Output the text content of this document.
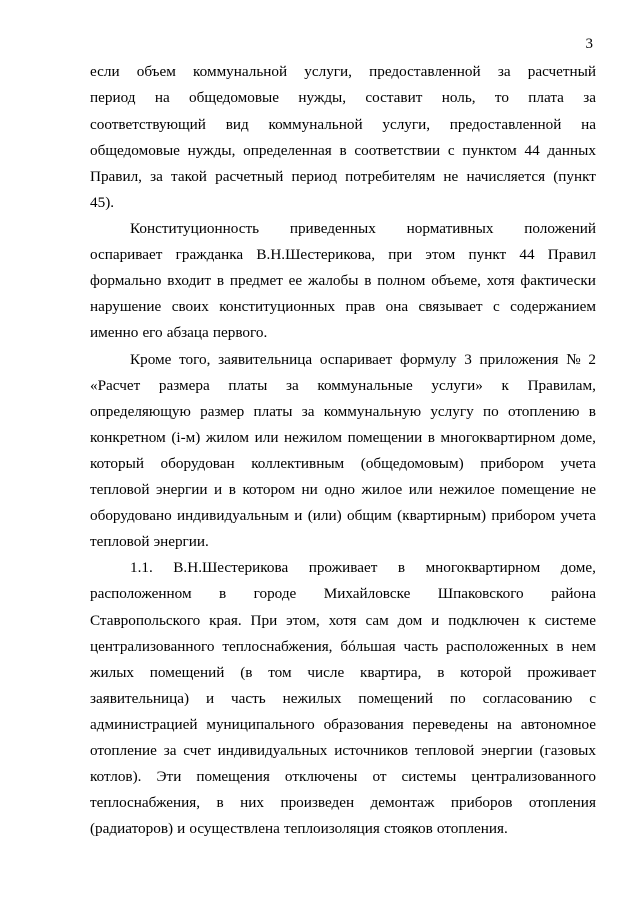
3
если объем коммунальной услуги, предоставленной за расчетный
период на общедомовые нужды, составит ноль, то плата за
соответствующий вид коммунальной услуги, предоставленной на
общедомовые нужды, определенная в соответствии с пунктом 44 данных
Правил, за такой расчетный период потребителям не начисляется (пункт
45).
Конституционность приведенных нормативных положений
оспаривает гражданка В.Н.Шестерикова, при этом пункт 44 Правил
формально входит в предмет ее жалобы в полном объеме, хотя фактически
нарушение своих конституционных прав она связывает с содержанием
именно его абзаца первого.
Кроме того, заявительница оспаривает формулу 3 приложения № 2
«Расчет размера платы за коммунальные услуги» к Правилам,
определяющую размер платы за коммунальную услугу по отоплению в
конкретном (i-м) жилом или нежилом помещении в многоквартирном доме,
который оборудован коллективным (общедомовым) прибором учета
тепловой энергии и в котором ни одно жилое или нежилое помещение не
оборудовано индивидуальным и (или) общим (квартирным) прибором учета
тепловой энергии.
1.1. В.Н.Шестерикова проживает в многоквартирном доме,
расположенном в городе Михайловске Шпаковского района
Ставропольского края. При этом, хотя сам дом и подключен к системе
централизованного теплоснабжения, бóльшая часть расположенных в нем
жилых помещений (в том числе квартира, в которой проживает
заявительница) и часть нежилых помещений по согласованию с
администрацией муниципального образования переведены на автономное
отопление за счет индивидуальных источников тепловой энергии (газовых
котлов). Эти помещения отключены от системы централизованного
теплоснабжения, в них произведен демонтаж приборов отопления
(радиаторов) и осуществлена теплоизоляция стояков отопления.
